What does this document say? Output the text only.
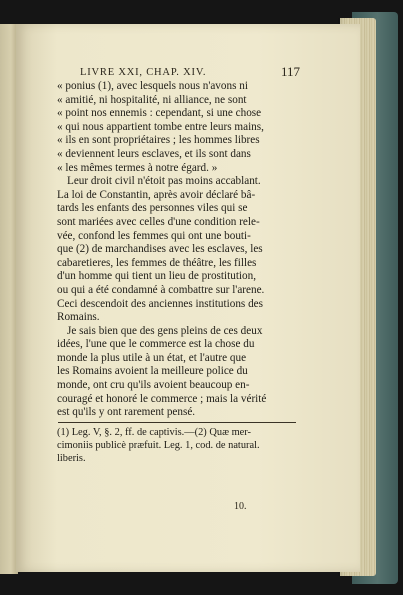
LIVRE XXI, CHAP. XIV.	117
« ponius (1), avec lesquels nous n'avons ni
« amitié, ni hospitalité, ni alliance, ne sont
« point nos ennemis : cependant, si une chose
« qui nous appartient tombe entre leurs mains,
« ils en sont propriétaires ; les hommes libres
« deviennent leurs esclaves, et ils sont dans
« les mêmes termes à notre égard. »
Leur droit civil n'étoit pas moins accablant.
La loi de Constantin, après avoir déclaré bâ-
tards les enfants des personnes viles qui se
sont mariées avec celles d'une condition rele-
vée, confond les femmes qui ont une bouti-
que (2) de marchandises avec les esclaves, les
cabaretieres, les femmes de théâtre, les filles
d'un homme qui tient un lieu de prostitution,
ou qui a été condamné à combattre sur l'arene.
Ceci descendoit des anciennes institutions des
Romains.
Je sais bien que des gens pleins de ces deux
idées, l'une que le commerce est la chose du
monde la plus utile à un état, et l'autre que
les Romains avoient la meilleure police du
monde, ont cru qu'ils avoient beaucoup en-
couragé et honoré le commerce ; mais la vérité
est qu'ils y ont rarement pensé.
(1) Leg. V, §. 2, ff. de captivis.—(2) Quæ mer-
cimoniis publicè præfuit. Leg. 1, cod. de natural.
liberis.
10.
